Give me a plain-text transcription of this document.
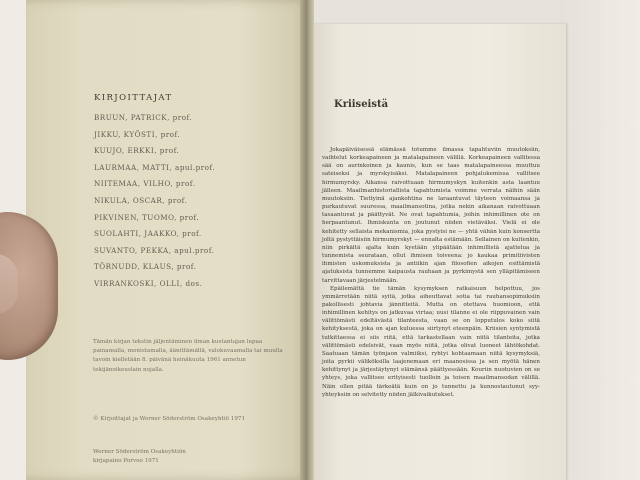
KIRJOITTAJAT
BRUUN, PATRICK, prof.
JIKKU, KYÖSTI, prof.
KUUJO, ERKKI, prof.
LAURMAA, MATTI, apul.prof.
NIITEMAA, VILHO, prof.
NIKULA, OSCAR, prof.
PIKVINEN, TUOMO, prof.
SUOLAHTI, JAAKKO, prof.
SUVANTO, PEKKA, apul.prof.
TÖRNUDD, KLAUS, prof.
VIRRANKOSKI, OLLI, dos.

Tämän kirjan tekstin jäljentäminen ilman kustantajan lupaa painamalla, monistamalla, äänittämällä, valokuvaamalla tai muulla tavoin kielletään 8. päivänä heinäkuuta 1961 annetun tekijänoikeuslain nojalla.

© Kirjoittajat ja Werner Söderström Osakeyhtiö 1971

Werner Söderström Osakeyhtiön
kirjapaino Porvoo 1971

Kriiseistä

Jokapäiväisessä elämässä totumme ilmassa tapahtuviin muutoksiin, vaihtelut korkeapaineen ja matalapaineen välillä. Korkeapaineen vallitessa sää on aurinkoinen ja kaunis, kun se taas matalapaineessa muuttuu sateiseksi ja myrskyisäksi. Matalapaineen pohjalukemissa vallitsee hirmumyrsky. Aikansa raivottuaan hirmumyskyn kuitenkin asta laantuu jälleen. Maailmanhistoriallista tapahtumista voimme verrata näihin sään muutoksiin. Tiettyinä ajankohtina ne laraantuvat täyteen voimaansa ja purkautuvat suuressa, maailmansotina, jotka nekin aikanaan raivottuaan tasaantuvat ja päättyvät. Ne ovat tapahtumia, joihin inhimillinen ote on herpaantunut. Ihmiskunta on joutunut niiden vietäväksi. Vielä ei ole kehitetty sellaista mekanismia, joka pystyisi ne — yhtä vähän kuin konsertta joltä pystyttäisiin hirmumyrskyt — ennalta estämään. Sellainen on kuitenkin, niin pirkältä ajalta kuin kyetään ylipäätään inhimillistä ajattelua ja tunnemista seurataan, ollut ihmisen toiveena: jo kaukaa primitiivisten ihmisten uskomuksista ja antiikin ajan filosofien aikojen esittämistä ajatuksista tunnemme kaipausta rauhaan ja pyrkimystä sen ylläpitämiseen tarvittavaan järjestelmään.

Epäilemättä tie tämän kysymyksen ratkaisuun helpottuu, jos ymmärretään niitä syitä, jotka aiheuttavat sotia tai rauhansopimuksiin pakollisesti johtavia jännitteitä. Mutta on otettava huomioon, että inhimillinen kehitys on jatkuvaa virtaa; uusi tilanne ei ole riippuvainen vain välittömästi edeltävästä tilanteesta, vaan se on lopputulos koko siitä kehityksestä, joka on ajan kuluessa siirtynyt eteenpäin. Kriisien syntymistä tutkittaessa ei siis riitä, että tarkastellaan vain niitä tilanteita, jotka välittömästi edelsivät, vaan myös niitä, jotka olivat luoneet lähtökohdat. Saatuaan tämän työnjaon valmiiksi, ryhtyi kohtaamaan niitä kysymyksiä, joita pyrkii väliköksilla laajenemaan eri maanosissa ja sen myötä hänen kehittynyt ja järjestäytynyt elämänsä päättyessään. Kouriin nuotuvien on se yhteys, joka vallitsee erityisesti tuolloin ja toisen maailmansodan välillä. Näin ollen pitää tärkeätä kuin on jo tunnettu ja kunnostautunut syy-yhteyksiin on selvitetty niiden jälkivaikutukset.
